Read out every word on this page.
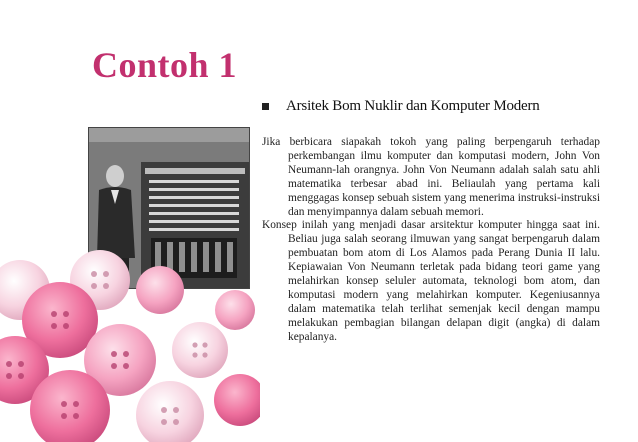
Contoh 1
Arsitek Bom Nuklir dan Komputer Modern

Jika berbicara siapakah tokoh yang paling berpengaruh terhadap perkembangan ilmu komputer dan komputasi modern, John Von Neumann-lah orangnya. John Von Neumann adalah salah satu ahli matematika terbesar abad ini. Beliaulah yang pertama kali menggagas konsep sebuah sistem yang menerima instruksi-instruksi dan menyimpannya dalam sebuah memori.

Konsep inilah yang menjadi dasar arsitektur komputer hingga saat ini. Beliau juga salah seorang ilmuwan yang sangat berpengaruh dalam pembuatan bom atom di Los Alamos pada Perang Dunia II lalu. Kepiawaian Von Neumann terletak pada bidang teori game yang melahirkan konsep seluler automata, teknologi bom atom, dan komputasi modern yang melahirkan komputer. Kegeniusannya dalam matematika telah terlihat semenjak kecil dengan mampu melakukan pembagian bilangan delapan digit (angka) di dalam kepalanya.
